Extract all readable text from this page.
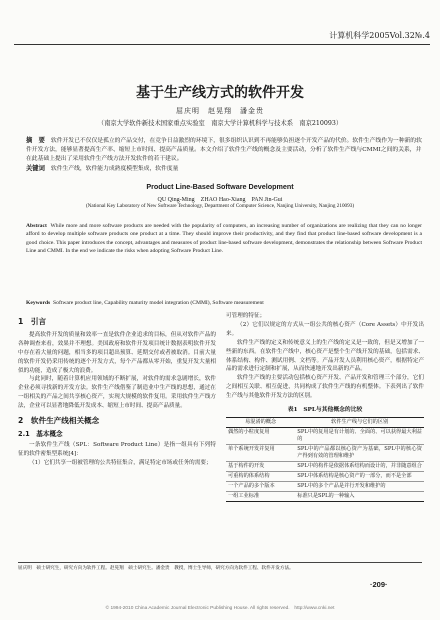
计算机科学2005Vol.32№.4
基于生产线方式的软件开发
屈庆明　赵晃翔　潘金贵
（南京大学软件新技术国家重点实验室　南京大学计算机科学与技术系　南京210093）
摘　要 软件开发已不仅仅是孤立的产品交付，在竞争日益激烈的环境下，很多组织认识到不再能够负担逐个开发产品的代价。软件生产线作为一种新的软件开发方法，能够显著提高生产率、缩短上市时间、提高产品质量。本文介绍了软件生产线的概念及主要活动，分析了软件生产线与CMMI之间的关系，并在此基础上提出了采用软件生产线方法开发软件的若干建议。
关键词 软件生产线，软件能力成熟度模型集成，软件度量
Product Line-Based Software Development
QU Qing-Ming　ZHAO Hao-Xiang　PAN Jin-Gui
(National Key Laboratory of New Software Technology, Department of Computer Science, Nanjing University, Nanjing 210093)
Abstract While more and more software products are needed with the popularity of computers, an increasing number of organizations are realizing that they can no longer afford to develop multiple software products one product at a time. They should improve their productivity, and they find that product line-based software development is a good choice. This paper introduces the concept, advantages and measures of product line-based software development, demonstrates the relationship between Software Product Line and CMMI. In the end we indicate the risks when adopting Software Product Line.
Keywords Software product line, Capability maturity model integration (CMMI), Software measurement
1　引言

提高软件开发的质量和效率一直是软件企业追求的目标，但从对软件产品的各种调查来看，效果并不理想。美国政府和软件开发项目统计数据表明软件开发中存在着大量的问题，相当多的项目超出预算、延期交付或者被取消。目前大量的软件开发仍采用传统的逐个开发方式，每个产品都从零开始，重复开发大量相似的功能，造成了极大的浪费。

与此同时，随着计算机应用领域的不断扩展，对软件的需求急剧增长，软件企业必须寻找新的开发方法。软件生产线借鉴了制造业中生产线的思想，通过在一组相关的产品之间共享核心资产，实现大规模的软件复用。采用软件生产线方法，企业可以显著地降低开发成本、缩短上市时间、提高产品质量。

2　软件生产线相关概念
2.1　基本概念

一条软件生产线（SPL：Software Product Line）是指一组具有下列特征的软件密集型系统[4]：

（1）它们共享一组被管理的公共特征集合，满足特定市场或任务的需要；

可管理的特征；

（2）它们以规定的方式从一组公共的核心资产（Core Assets）中开发出来。

软件生产线的定义和传统意义上的生产线的定义是一致的，但是又增加了一些新的东西。在软件生产线中，核心资产是整个生产线开发的基础，包括需求、体系结构、构件、测试用例、文档等。产品开发人员利用核心资产，根据特定产品的需求进行定制和扩展，从而快速地开发出新的产品。

软件生产线的主要活动包括核心资产开发、产品开发和管理三个部分，它们之间相互关联、相互促进，共同构成了软件生产线的有机整体。下表列出了软件生产线与其他软件开发方法的区别。

表1　SPL与其他概念的比较
易混淆的概念	软件生产线与它们的区别
偶然的小粒度复用	SPL中的复用是有计划的、全面的、可以获得最大利益的
单个系统开发并复用	SPL中的产品都以核心资产为基础，SPL中的核心资产得到有效的管理和维护
基于构件的开发	SPL中的构件是依据体系结构而设计的，并非随意组合
可重构的体系结构	SPL中体系结构是核心资产的一部分，而不是全部
一个产品的多个版本	SPL中的多个产品是并行开发和维护的
一组工业标准	标准只是SPL的一种输入
屈庆明　硕士研究生，研究方向为软件工程。赵晃翔　硕士研究生。潘金贵　教授，博士生导师，研究方向为软件工程、软件开发方法。
·209·
© 1994-2010 China Academic Journal Electronic Publishing House. All rights reserved.　http://www.cnki.net
